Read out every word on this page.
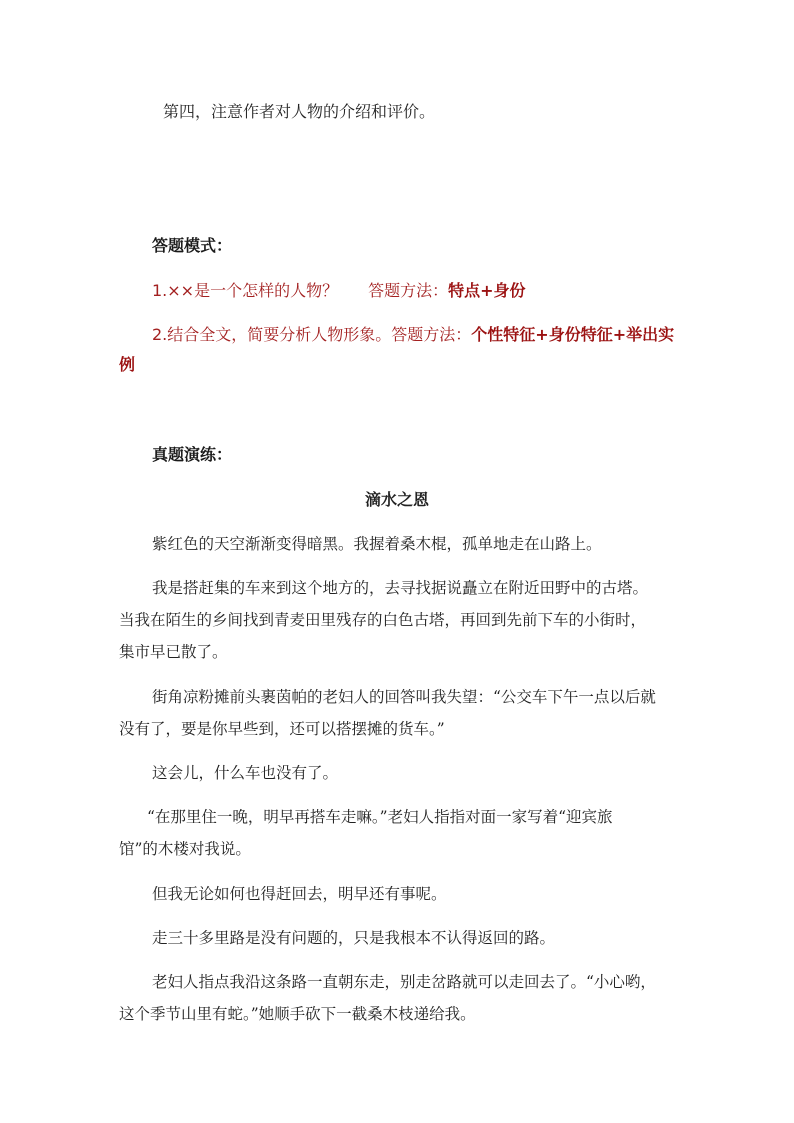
第四，注意作者对人物的介绍和评价。
答题模式：
1.××是一个怎样的人物？ 答题方法：特点+身份
2.结合全文，简要分析人物形象。答题方法：个性特征+身份特征+举出实
例
真题演练：
滴水之恩
紫红色的天空渐渐变得暗黑。我握着桑木棍，孤单地走在山路上。
我是搭赶集的车来到这个地方的，去寻找据说矗立在附近田野中的古塔。
当我在陌生的乡间找到青麦田里残存的白色古塔，再回到先前下车的小街时，
集市早已散了。
街角凉粉摊前头裹茵帕的老妇人的回答叫我失望：“公交车下午一点以后就
没有了，要是你早些到，还可以搭摆摊的货车。”
这会儿，什么车也没有了。
“在那里住一晚，明早再搭车走嘛。”老妇人指指对面一家写着“迎宾旅
馆”的木楼对我说。
但我无论如何也得赶回去，明早还有事呢。
走三十多里路是没有问题的，只是我根本不认得返回的路。
老妇人指点我沿这条路一直朝东走，别走岔路就可以走回去了。“小心哟，
这个季节山里有蛇。”她顺手砍下一截桑木枝递给我。
